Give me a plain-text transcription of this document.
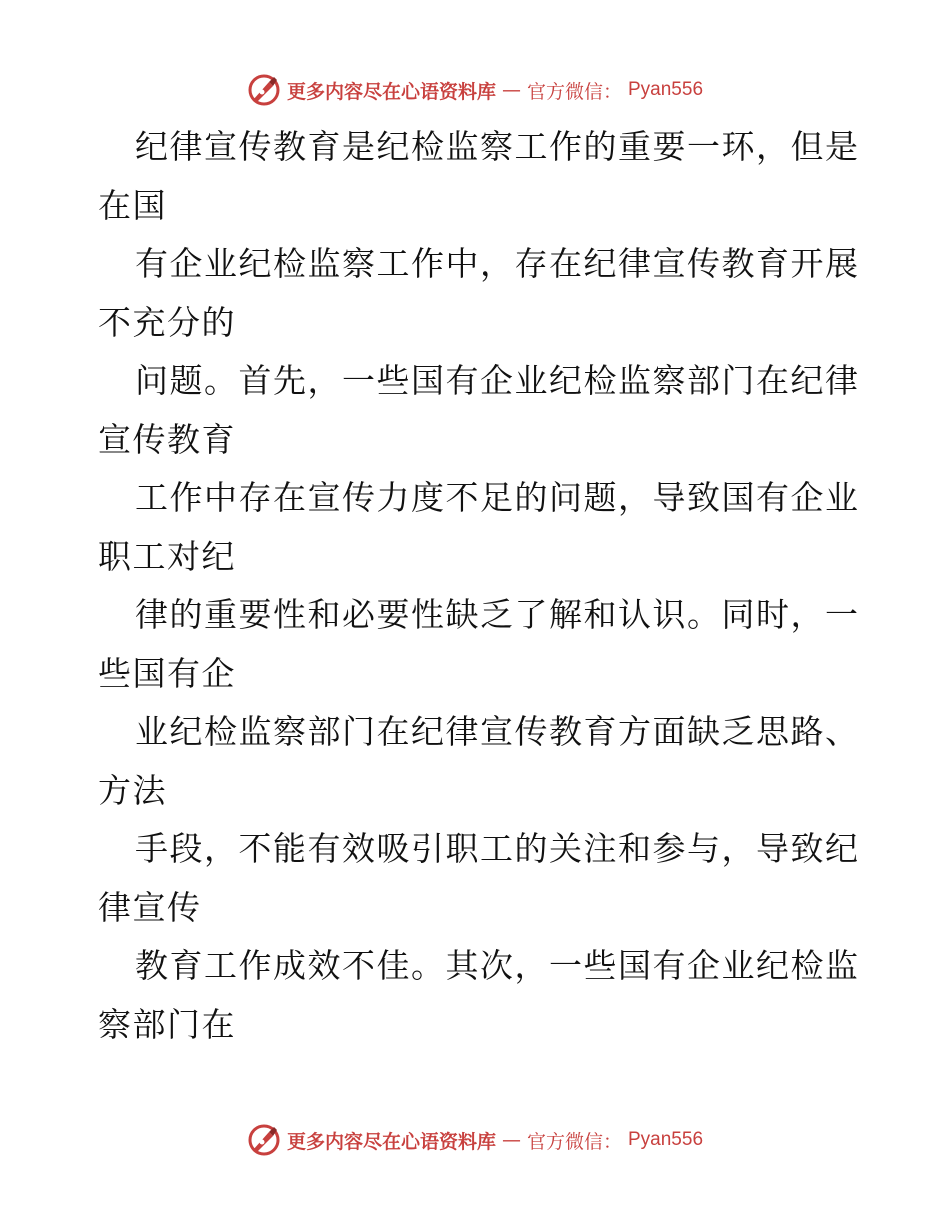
更多内容尽在心语资料库 — 官方微信： Pyan556
纪律宣传教育是纪检监察工作的重要一环，但是
在国
有企业纪检监察工作中，存在纪律宣传教育开展
不充分的
问题。首先，一些国有企业纪检监察部门在纪律
宣传教育
工作中存在宣传力度不足的问题，导致国有企业
职工对纪
律的重要性和必要性缺乏了解和认识。同时，一
些国有企
业纪检监察部门在纪律宣传教育方面缺乏思路、
方法
手段，不能有效吸引职工的关注和参与，导致纪
律宣传
教育工作成效不佳。其次，一些国有企业纪检监
察部门在
更多内容尽在心语资料库 — 官方微信： Pyan556
